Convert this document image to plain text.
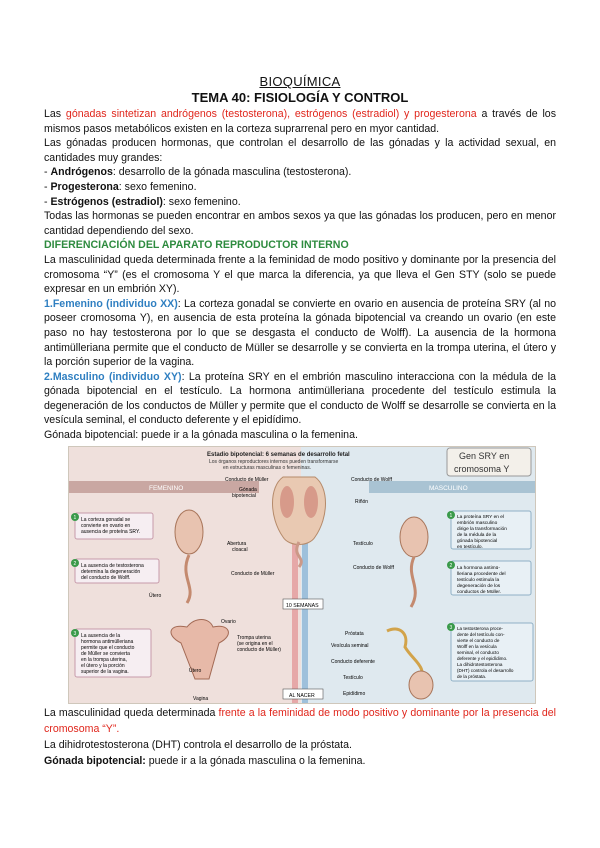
BIOQUÍMICA
TEMA 40: FISIOLOGÍA Y CONTROL

Las gónadas sintetizan andrógenos (testosterona), estrógenos (estradiol) y progesterona a través de los mismos pasos metabólicos existen en la corteza suprarrenal pero en myor cantidad.

Las gónadas producen hormonas, que controlan el desarrollo de las gónadas y la actividad sexual, en cantidades muy grandes:

- Andrógenos: desarrollo de la gónada masculina (testosterona).
- Progesterona: sexo femenino.
- Estrógenos (estradiol): sexo femenino.

Todas las hormonas se pueden encontrar en ambos sexos ya que las gónadas los producen, pero en menor cantidad dependiendo del sexo.

DIFERENCIACIÓN DEL APARATO REPRODUCTOR INTERNO

La masculinidad queda determinada frente a la feminidad de modo positivo y dominante por la presencia del cromosoma “Y” (es el cromosoma Y el que marca la diferencia, ya que lleva el Gen STY (solo se puede expresar en un embrión XY).

1.Femenino (individuo XX): La corteza gonadal se convierte en ovario en ausencia de proteína SRY (al no poseer cromosoma Y), en ausencia de esta proteína la gónada bipotencial va creando un ovario (en este paso no hay testosterona por lo que se desgasta el conducto de Wolff). La ausencia de la hormona antimülleriana permite que el conducto de Müller se desarrolle y se convierta en la trompa uterina, el útero y la porción superior de la vagina.

2.Masculino (individuo XY): La proteína SRY en el embrión masculino interacciona con la médula de la gónada bipotencial en el testículo. La hormona antimülleriana procedente del testículo estimula la degeneración de los conductos de Müller y permite que el conducto de Wolff se desarrolle se convierta en la vesícula seminal, el conducto deferente y el epidídimo.

Gónada bipotencial: puede ir a la gónada masculina o la femenina.

FEMENINO	MASCULINO
Estadio bipotencial: 6 semanas de desarrollo fetal
Los órganos reproductores internos pueden transformarse
en estructuras masculinas o femeninas.
Gen SRY en
cromosoma Y
Conducto de Müller
Gónada
bipotencial
Conducto de Wolff
Riñón
Abertura
cloacal
Conducto de Müller
Testículo
Conducto de Wolff
Útero
Ovario
10 SEMANAS
Trompa uterina
(se origina en el
conducto de Müller)
Útero
Vagina
Próstata
Vesícula seminal
Conducto deferente
Testículo
Epidídimo
AL NACER
1 La corteza gonadal se
convierte en ovario en
ausencia de proteína SRY.
2 La ausencia de testosterona
determina la degeneración
del conducto de Wolff.
3 La ausencia de la
hormona antimülleriana
permite que el conducto
de Müller se convierta
en la trompa uterina,
el útero y la porción
superior de la vagina.
1 La proteína SRY en el
embrión masculino
dirige la transformación
de la médula de la
gónada bipotencial
en testículo.
2 La hormona antimü-
lleriana procedente del
testículo estimula la
degeneración de los
conductos de Müller.
3 La testosterona proce-
dente del testículo con-
vierte el conducto de
Wolff en la vesícula
seminal, el conducto
deferente y el epidídimo.
La dihidrotestosterona
(DHT) controla el desarrollo
de la próstata.

La masculinidad queda determinada frente a la feminidad de modo positivo y dominante por la presencia del cromosoma “Y”.

La dihidrotestosterona (DHT) controla el desarrollo de la próstata.

Gónada bipotencial: puede ir a la gónada masculina o la femenina.
